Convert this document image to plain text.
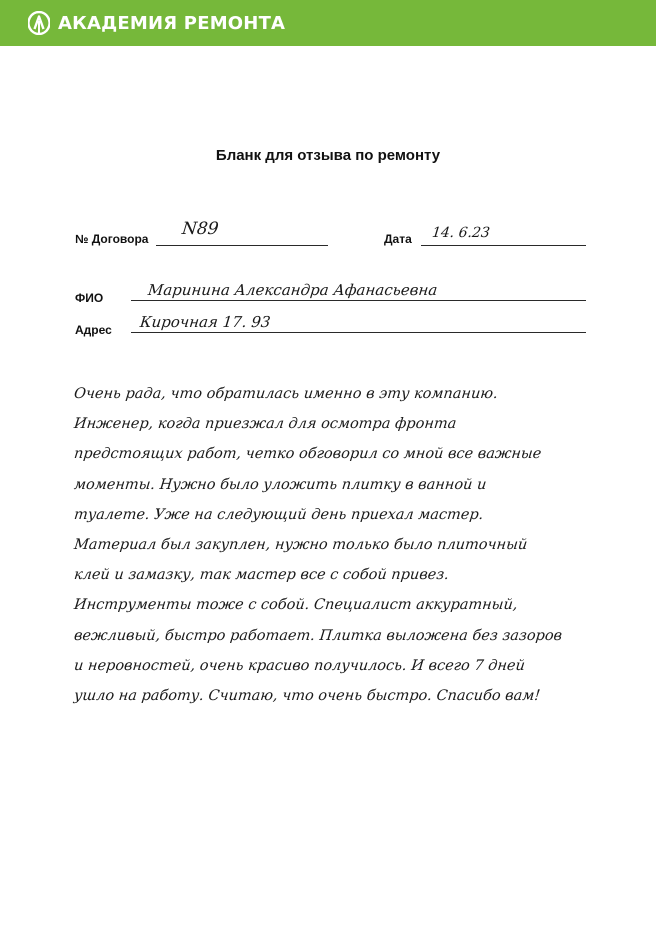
АКАДЕМИЯ РЕМОНТА
Бланк для отзыва по ремонту
№ Договора N89	Дата 14. 6.23
ФИО	Маринина Александра Афанасьевна
Адрес Кирочная 17. 93
Очень рада, что обратилась именно в эту компанию.
Инженер, когда приезжал для осмотра фронта
предстоящих работ, четко обговорил со мной все важные
моменты. Нужно было уложить плитку в ванной и
туалете. Уже на следующий день приехал мастер.
Материал был закуплен, нужно только было плиточный
клей и замазку, так мастер все с собой привез.
Инструменты тоже с собой. Специалист аккуратный,
вежливый, быстро работает. Плитка выложена без зазоров
и неровностей, очень красиво получилось. И всего 7 дней
ушло на работу. Считаю, что очень быстро. Спасибо вам!
